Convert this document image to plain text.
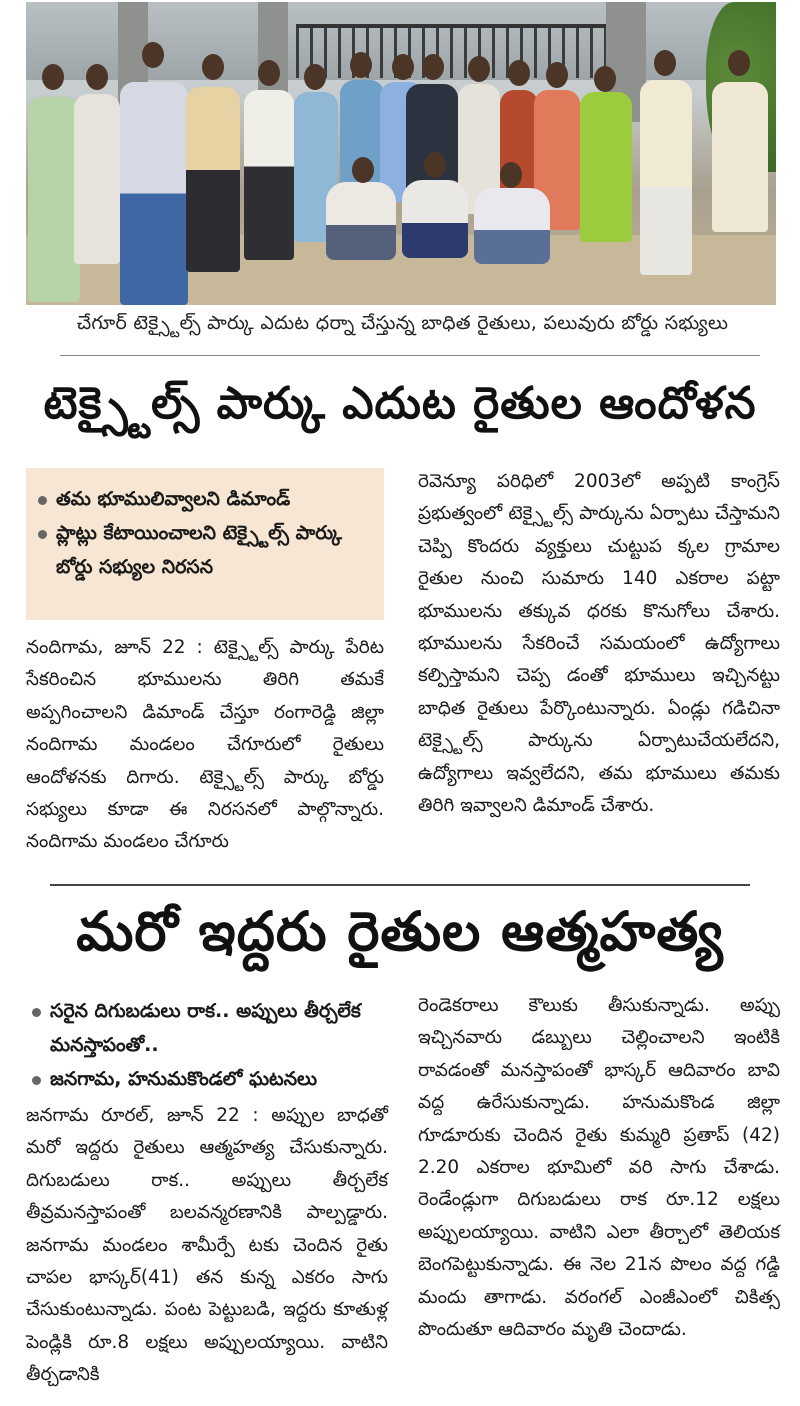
చేగూర్ టెక్స్టైల్స్ పార్కు ఎదుట ధర్నా చేస్తున్న బాధిత రైతులు, పలువురు బోర్డు సభ్యులు
టెక్స్టైల్స్ పార్కు ఎదుట రైతుల ఆందోళన
తమ భూములివ్వాలని డిమాండ్
ప్లాట్లు కేటాయించాలని టెక్స్టైల్స్ పార్కు బోర్డు సభ్యుల నిరసన

నందిగామ, జూన్ 22 : టెక్స్టైల్స్ పార్కు పేరిట సేకరించిన భూములను తిరిగి తమకే అప్పగించాలని డిమాండ్ చేస్తూ రంగారెడ్డి జిల్లా నందిగామ మండలం చేగూరులో రైతులు ఆందోళనకు దిగారు. టెక్స్టైల్స్ పార్కు బోర్డు సభ్యులు కూడా ఈ నిరసనలో పాల్గొన్నారు. నందిగామ మండలం చేగూరు

రెవెన్యూ పరిధిలో 2003లో అప్పటి కాంగ్రెస్ ప్రభుత్వంలో టెక్స్టైల్స్ పార్కును ఏర్పాటు చేస్తామని చెప్పి కొందరు వ్యక్తులు చుట్టుప క్కల గ్రామాల రైతుల నుంచి సుమారు 140 ఎకరాల పట్టా భూములను తక్కువ ధరకు కొనుగోలు చేశారు. భూములను సేకరించే సమయంలో ఉద్యోగాలు కల్పిస్తామని చెప్ప డంతో భూములు ఇచ్చినట్టు బాధిత రైతులు పేర్కొంటున్నారు. ఏండ్లు గడిచినా టెక్స్టైల్స్ పార్కును ఏర్పాటుచేయలేదని, ఉద్యోగాలు ఇవ్వలేదని, తమ భూములు తమకు తిరిగి ఇవ్వాలని డిమాండ్ చేశారు.

మరో ఇద్దరు రైతుల ఆత్మహత్య
సరైన దిగుబడులు రాక.. అప్పులు తీర్చలేక మనస్తాపంతో..
జనగామ, హనుమకొండలో ఘటనలు

జనగామ రూరల్, జూన్ 22 : అప్పుల బాధతో మరో ఇద్దరు రైతులు ఆత్మహత్య చేసుకున్నారు. దిగుబడులు రాక.. అప్పులు తీర్చలేక తీవ్రమనస్తాపంతో బలవన్మరణానికి పాల్పడ్డారు. జనగామ మండలం శామీర్పే టకు చెందిన రైతు చాపల భాస్కర్(41) తన కున్న ఎకరం సాగు చేసుకుంటున్నాడు. పంట పెట్టుబడి, ఇద్దరు కూతుళ్ల పెండ్లికి రూ.8 లక్షలు అప్పులయ్యాయి. వాటిని తీర్చడానికి

రెండెకరాలు కౌలుకు తీసుకున్నాడు. అప్పు ఇచ్చినవారు డబ్బులు చెల్లించాలని ఇంటికి రావడంతో మనస్తాపంతో భాస్కర్ ఆదివారం బావి వద్ద ఉరేసుకున్నాడు. హనుమకొండ జిల్లా గూడూరుకు చెందిన రైతు కుమ్మరి ప్రతాప్ (42) 2.20 ఎకరాల భూమిలో వరి సాగు చేశాడు. రెండేండ్లుగా దిగుబడులు రాక రూ.12 లక్షలు అప్పులయ్యాయి. వాటిని ఎలా తీర్చాలో తెలియక బెంగపెట్టుకున్నాడు. ఈ నెల 21న పొలం వద్ద గడ్డి మందు తాగాడు. వరంగల్ ఎంజీఎంలో చికిత్స పొందుతూ ఆదివారం మృతి చెందాడు.
